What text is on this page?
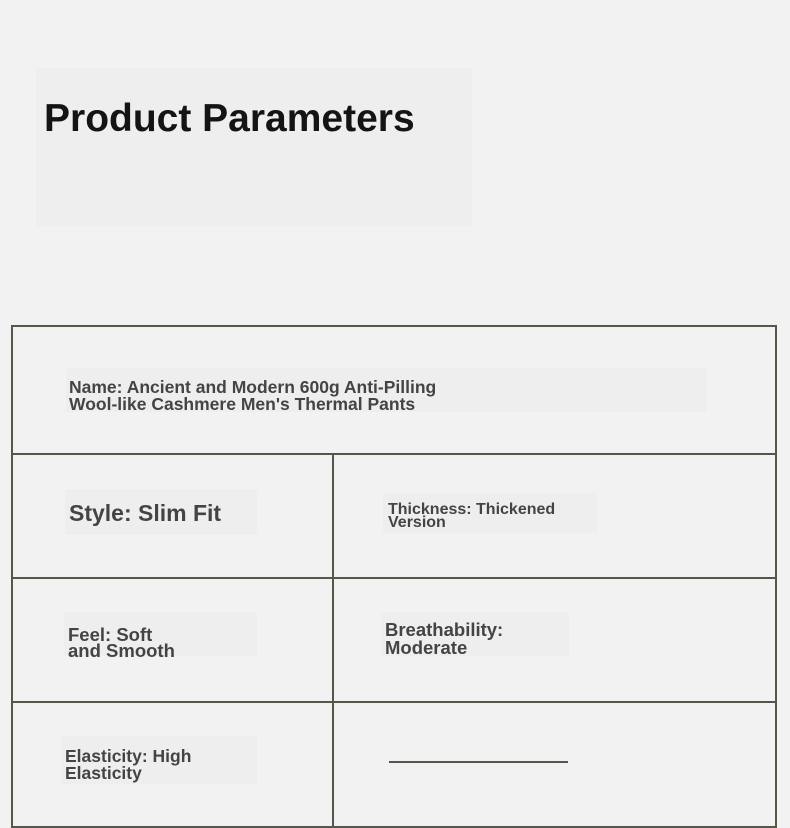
Product Parameters

Name: Ancient and Modern 600g Anti-Pilling
Wool-like Cashmere Men's Thermal Pants

Style: Slim Fit	Thickness: Thickened
Version

Feel: Soft
and Smooth

Breathability:
Moderate

Elasticity: High
Elasticity
